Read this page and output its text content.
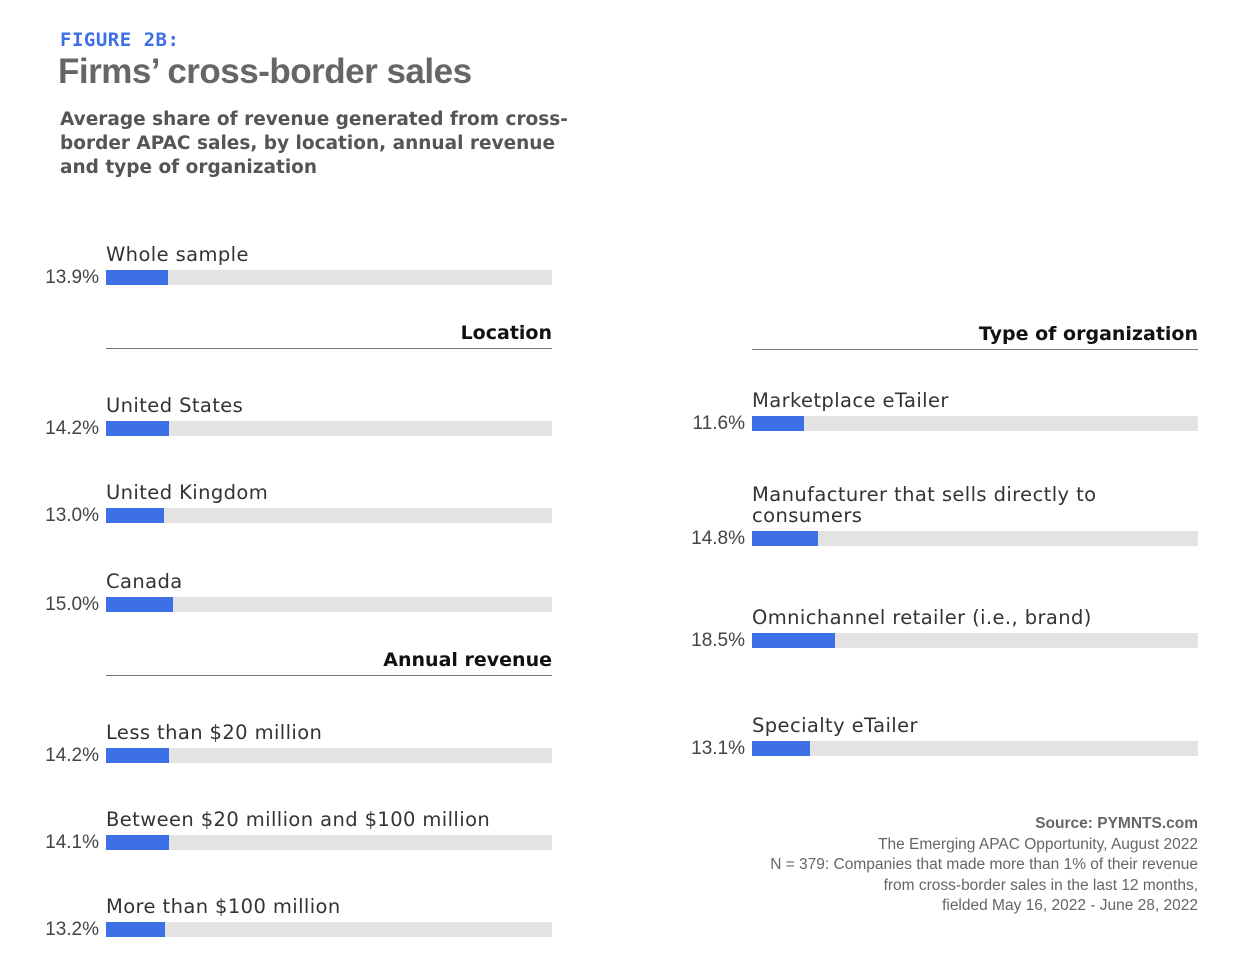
FIGURE 2B:
Firms’ cross-border sales
Average share of revenue generated from cross-border APAC sales, by location, annual revenue and type of organization
Whole sample
13.9%
Location
United States
14.2%
United Kingdom
13.0%
Canada
15.0%
Annual revenue
Less than $20 million
14.2%
Between $20 million and $100 million
14.1%
More than $100 million
13.2%
Type of organization
Marketplace eTailer
11.6%
Manufacturer that sells directly to consumers
14.8%
Omnichannel retailer (i.e., brand)
18.5%
Specialty eTailer
13.1%
Source: PYMNTS.com
The Emerging APAC Opportunity, August 2022
N = 379: Companies that made more than 1% of their revenue
from cross-border sales in the last 12 months,
fielded May 16, 2022 - June 28, 2022
